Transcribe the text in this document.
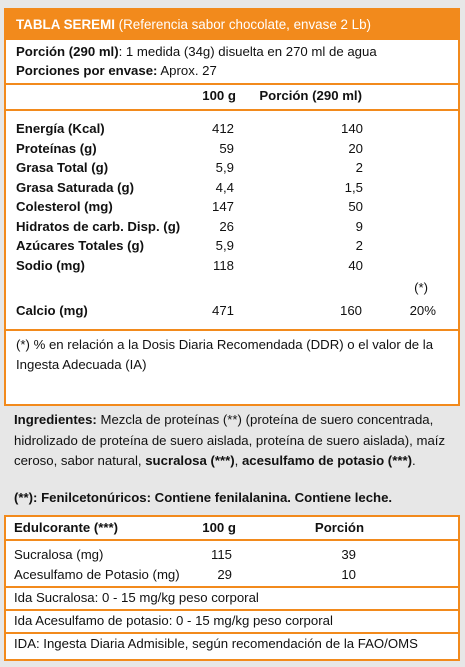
TABLA SEREMI (Referencia sabor chocolate, envase 2 Lb)
Porción (290 ml): 1 medida (34g) disuelta en 270 ml de agua
Porciones por envase: Aprox. 27
100 g Porción (290 ml)
Energía (Kcal)	412	140
Proteínas (g)	59	20
Grasa Total (g)	5,9	2
Grasa Saturada (g)	4,4	1,5
Colesterol (mg)	147	50
Hidratos de carb. Disp. (g)	26	9
Azúcares Totales (g)	5,9	2
Sodio (mg)	118	40
(*)
Calcio (mg)	471	160	20%
(*) % en relación a la Dosis Diaria Recomendada (DDR) o el valor de la Ingesta Adecuada (IA)
Ingredientes: Mezcla de proteínas (**) (proteína de suero concentrada, hidrolizado de proteína de suero aislada, proteína de suero aislada), maíz ceroso, sabor natural, sucralosa (***), acesulfamo de potasio (***).
(**): Fenilcetonúricos: Contiene fenilalanina. Contiene leche.
Edulcorante (***)	100 g	Porción
Sucralosa (mg)	115	39
Acesulfamo de Potasio (mg)	29	10
Ida Sucralosa: 0 - 15 mg/kg peso corporal
Ida Acesulfamo de potasio: 0 - 15 mg/kg peso corporal
IDA: Ingesta Diaria Admisible, según recomendación de la FAO/OMS
